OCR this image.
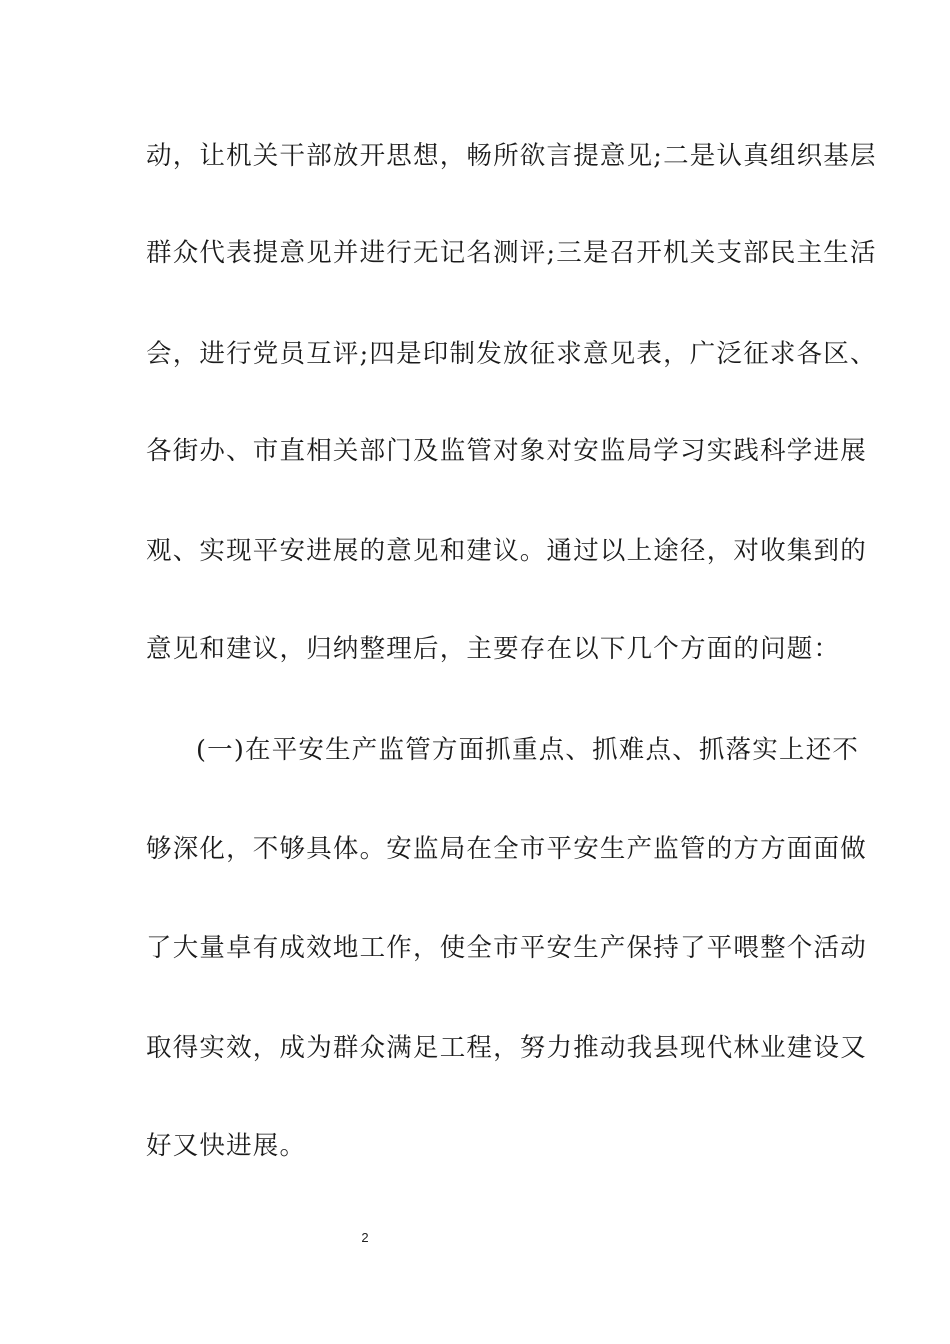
动，让机关干部放开思想，畅所欲言提意见;二是认真组织基层
群众代表提意见并进行无记名测评;三是召开机关支部民主生活
会，进行党员互评;四是印制发放征求意见表，广泛征求各区、
各街办、市直相关部门及监管对象对安监局学习实践科学进展
观、实现平安进展的意见和建议。通过以上途径，对收集到的
意见和建议，归纳整理后，主要存在以下几个方面的问题：
(一)在平安生产监管方面抓重点、抓难点、抓落实上还不
够深化，不够具体。安监局在全市平安生产监管的方方面面做
了大量卓有成效地工作，使全市平安生产保持了平喂整个活动
取得实效，成为群众满足工程，努力推动我县现代林业建设又
好又快进展。
2
